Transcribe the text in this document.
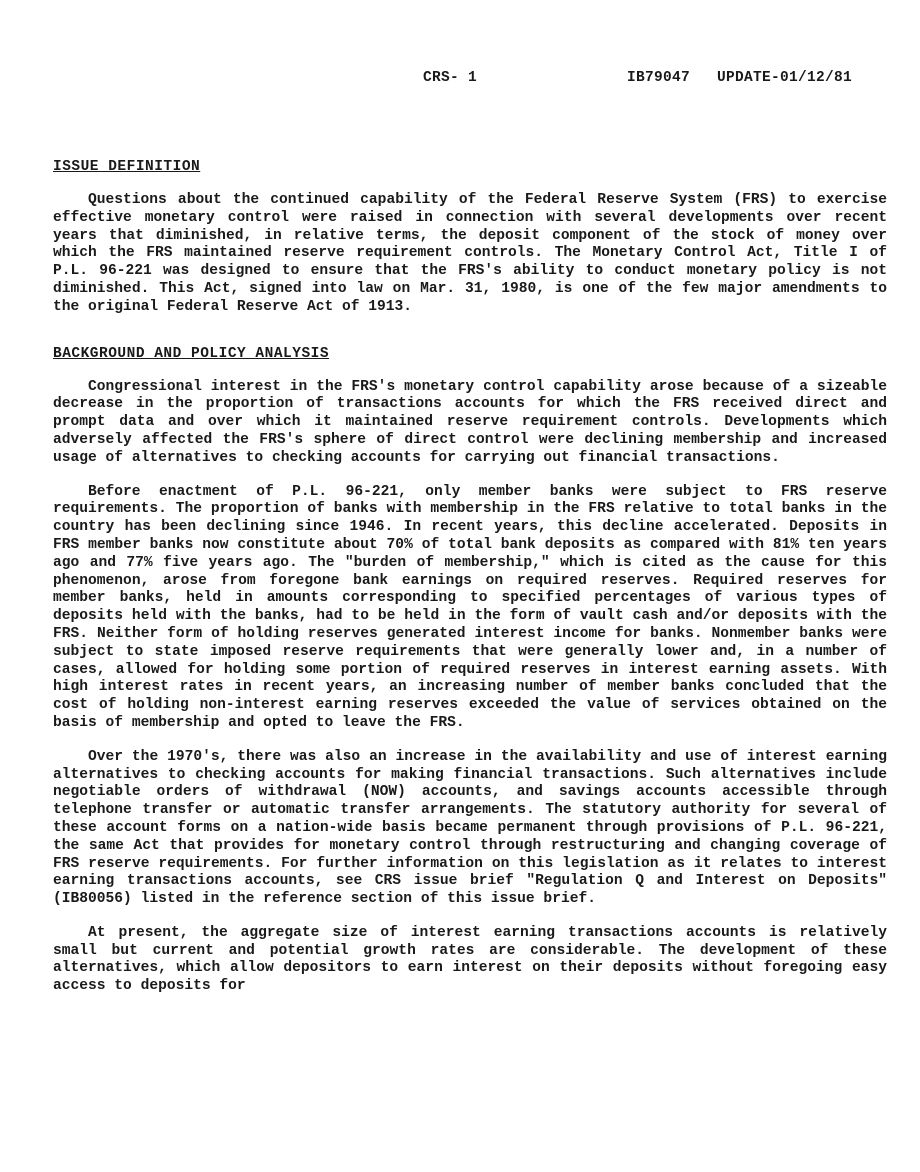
CRS- 1	IB79047   UPDATE-01/12/81
ISSUE DEFINITION

Questions about the continued capability of the Federal Reserve System (FRS) to exercise effective monetary control were raised in connection with several developments over recent years that diminished, in relative terms, the deposit component of the stock of money over which the FRS maintained reserve requirement controls. The Monetary Control Act, Title I of P.L. 96-221 was designed to ensure that the FRS's ability to conduct monetary policy is not diminished. This Act, signed into law on Mar. 31, 1980, is one of the few major amendments to the original Federal Reserve Act of 1913.

BACKGROUND AND POLICY ANALYSIS

Congressional interest in the FRS's monetary control capability arose because of a sizeable decrease in the proportion of transactions accounts for which the FRS received direct and prompt data and over which it maintained reserve requirement controls. Developments which adversely affected the FRS's sphere of direct control were declining membership and increased usage of alternatives to checking accounts for carrying out financial transactions.

Before enactment of P.L. 96-221, only member banks were subject to FRS reserve requirements. The proportion of banks with membership in the FRS relative to total banks in the country has been declining since 1946. In recent years, this decline accelerated. Deposits in FRS member banks now constitute about 70% of total bank deposits as compared with 81% ten years ago and 77% five years ago. The "burden of membership," which is cited as the cause for this phenomenon, arose from foregone bank earnings on required reserves. Required reserves for member banks, held in amounts corresponding to specified percentages of various types of deposits held with the banks, had to be held in the form of vault cash and/or deposits with the FRS. Neither form of holding reserves generated interest income for banks. Nonmember banks were subject to state imposed reserve requirements that were generally lower and, in a number of cases, allowed for holding some portion of required reserves in interest earning assets. With high interest rates in recent years, an increasing number of member banks concluded that the cost of holding non-interest earning reserves exceeded the value of services obtained on the basis of membership and opted to leave the FRS.

Over the 1970's, there was also an increase in the availability and use of interest earning alternatives to checking accounts for making financial transactions. Such alternatives include negotiable orders of withdrawal (NOW) accounts, and savings accounts accessible through telephone transfer or automatic transfer arrangements. The statutory authority for several of these account forms on a nation-wide basis became permanent through provisions of P.L. 96-221, the same Act that provides for monetary control through restructuring and changing coverage of FRS reserve requirements. For further information on this legislation as it relates to interest earning transactions accounts, see CRS issue brief "Regulation Q and Interest on Deposits" (IB80056) listed in the reference section of this issue brief.

At present, the aggregate size of interest earning transactions accounts is relatively small but current and potential growth rates are considerable. The development of these alternatives, which allow depositors to earn interest on their deposits without foregoing easy access to deposits for
